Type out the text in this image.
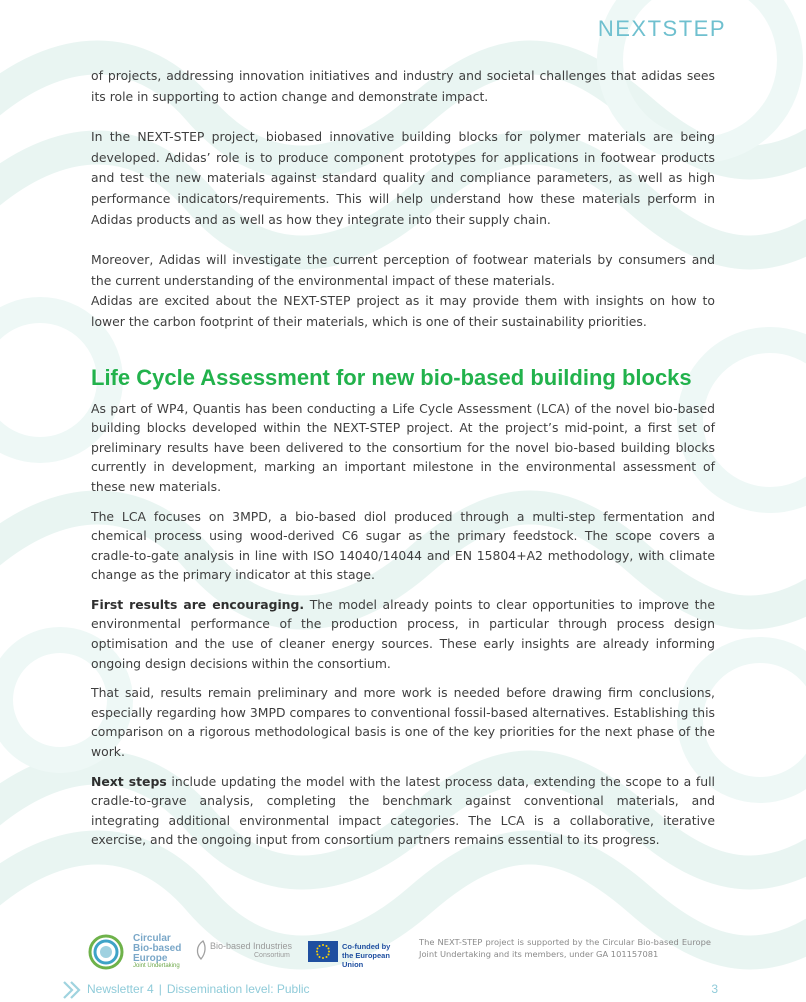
NEXTSTEP

of projects, addressing innovation initiatives and industry and societal challenges that adidas sees its role in supporting to action change and demonstrate impact.

In the NEXT-STEP project, biobased innovative building blocks for polymer materials are being developed. Adidas’ role is to produce component prototypes for applications in footwear products and test the new materials against standard quality and compliance parameters, as well as high performance indicators/requirements. This will help understand how these materials perform in Adidas products and as well as how they integrate into their supply chain.

Moreover, Adidas will investigate the current perception of footwear materials by consumers and the current understanding of the environmental impact of these materials.

Adidas are excited about the NEXT-STEP project as it may provide them with insights on how to lower the carbon footprint of their materials, which is one of their sustainability priorities.

Life Cycle Assessment for new bio-based building blocks

As part of WP4, Quantis has been conducting a Life Cycle Assessment (LCA) of the novel bio-based building blocks developed within the NEXT-STEP project. At the project’s mid-point, a first set of preliminary results have been delivered to the consortium for the novel bio-based building blocks currently in development, marking an important milestone in the environmental assessment of these new materials.

The LCA focuses on 3MPD, a bio-based diol produced through a multi-step fermentation and chemical process using wood-derived C6 sugar as the primary feedstock. The scope covers a cradle-to-gate analysis in line with ISO 14040/14044 and EN 15804+A2 methodology, with climate change as the primary indicator at this stage.

First results are encouraging. The model already points to clear opportunities to improve the environmental performance of the production process, in particular through process design optimisation and the use of cleaner energy sources. These early insights are already informing ongoing design decisions within the consortium.

That said, results remain preliminary and more work is needed before drawing firm conclusions, especially regarding how 3MPD compares to conventional fossil-based alternatives. Establishing this comparison on a rigorous methodological basis is one of the key priorities for the next phase of the work.

Next steps include updating the model with the latest process data, extending the scope to a full cradle-to-grave analysis, completing the benchmark against conventional materials, and integrating additional environmental impact categories. The LCA is a collaborative, iterative exercise, and the ongoing input from consortium partners remains essential to its progress.

Circular
Bio-based
Europe
Joint Undertaking
Bio-based Industries
Consortium
Co-funded by
the European Union
The NEXT-STEP project is supported by the Circular Bio-based Europe Joint Undertaking and its members, under GA 101157081
Newsletter 4 | Dissemination level: Public	3
